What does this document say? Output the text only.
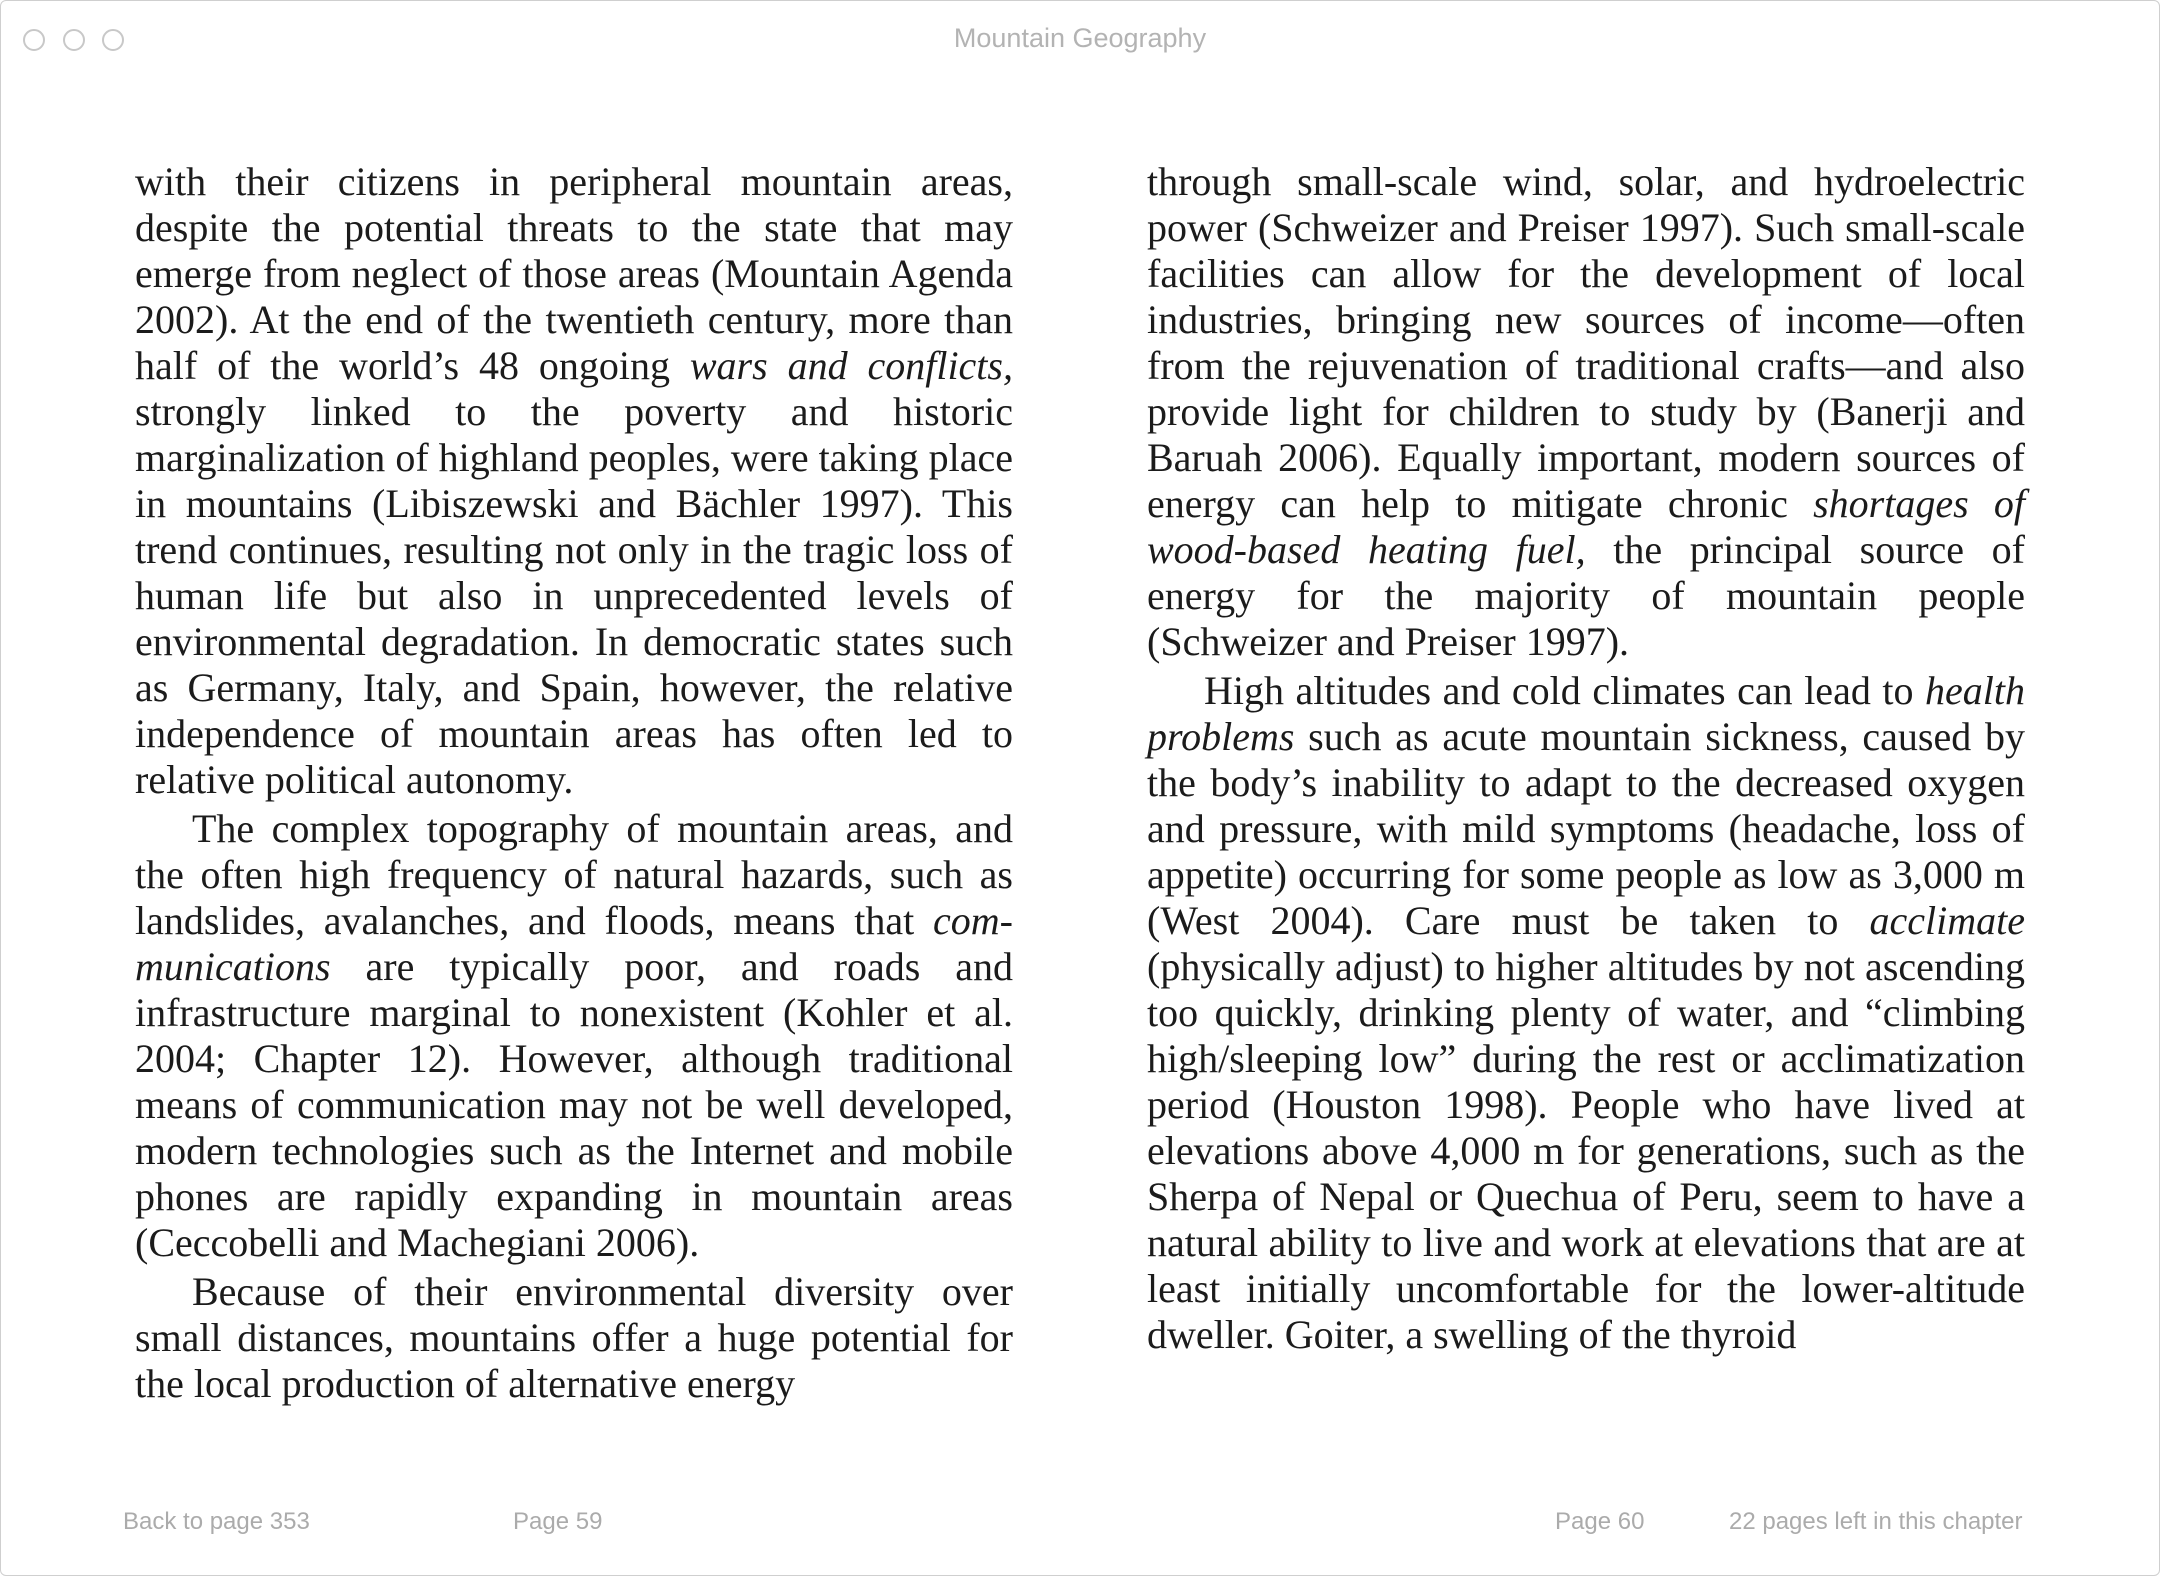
Mountain Geography

with their citizens in peripheral mountain areas, despite the potential threats to the state that may emerge from neglect of those areas (Mountain Agenda 2002). At the end of the twentieth century, more than half of the world’s 48 ongoing wars and conflicts, strongly linked to the poverty and historic marginalization of highland peoples, were taking place in mountains (Libiszewski and Bächler 1997). This trend continues, resulting not only in the tragic loss of human life but also in unprecedented levels of environmental degradation. In democratic states such as Germany, Italy, and Spain, however, the relative independence of mountain areas has often led to relative political autonomy.

The complex topography of mountain areas, and the often high frequency of natural hazards, such as landslides, avalanches, and floods, means that communications are typically poor, and roads and infrastructure marginal to nonexistent (Kohler et al. 2004; Chapter 12). However, although traditional means of communication may not be well developed, modern technologies such as the Internet and mobile phones are rapidly expanding in mountain areas (Ceccobelli and Machegiani 2006).

Because of their environmental diversity over small distances, mountains offer a huge potential for the local production of alternative energy

through small-scale wind, solar, and hydroelectric power (Schweizer and Preiser 1997). Such small-scale facilities can allow for the development of local industries, bringing new sources of income—often from the rejuvenation of traditional crafts—and also provide light for children to study by (Banerji and Baruah 2006). Equally important, modern sources of energy can help to mitigate chronic shortages of wood-based heating fuel, the principal source of energy for the majority of mountain people (Schweizer and Preiser 1997).

High altitudes and cold climates can lead to health problems such as acute mountain sickness, caused by the body’s inability to adapt to the decreased oxygen and pressure, with mild symptoms (headache, loss of appetite) occurring for some people as low as 3,000 m (West 2004). Care must be taken to acclimate (physically adjust) to higher altitudes by not ascending too quickly, drinking plenty of water, and “climbing high/sleeping low” during the rest or acclimatization period (Houston 1998). People who have lived at elevations above 4,000 m for generations, such as the Sherpa of Nepal or Quechua of Peru, seem to have a natural ability to live and work at elevations that are at least initially uncomfortable for the lower-altitude dweller. Goiter, a swelling of the thyroid

Back to page 353	Page 59	Page 60	22 pages left in this chapter
